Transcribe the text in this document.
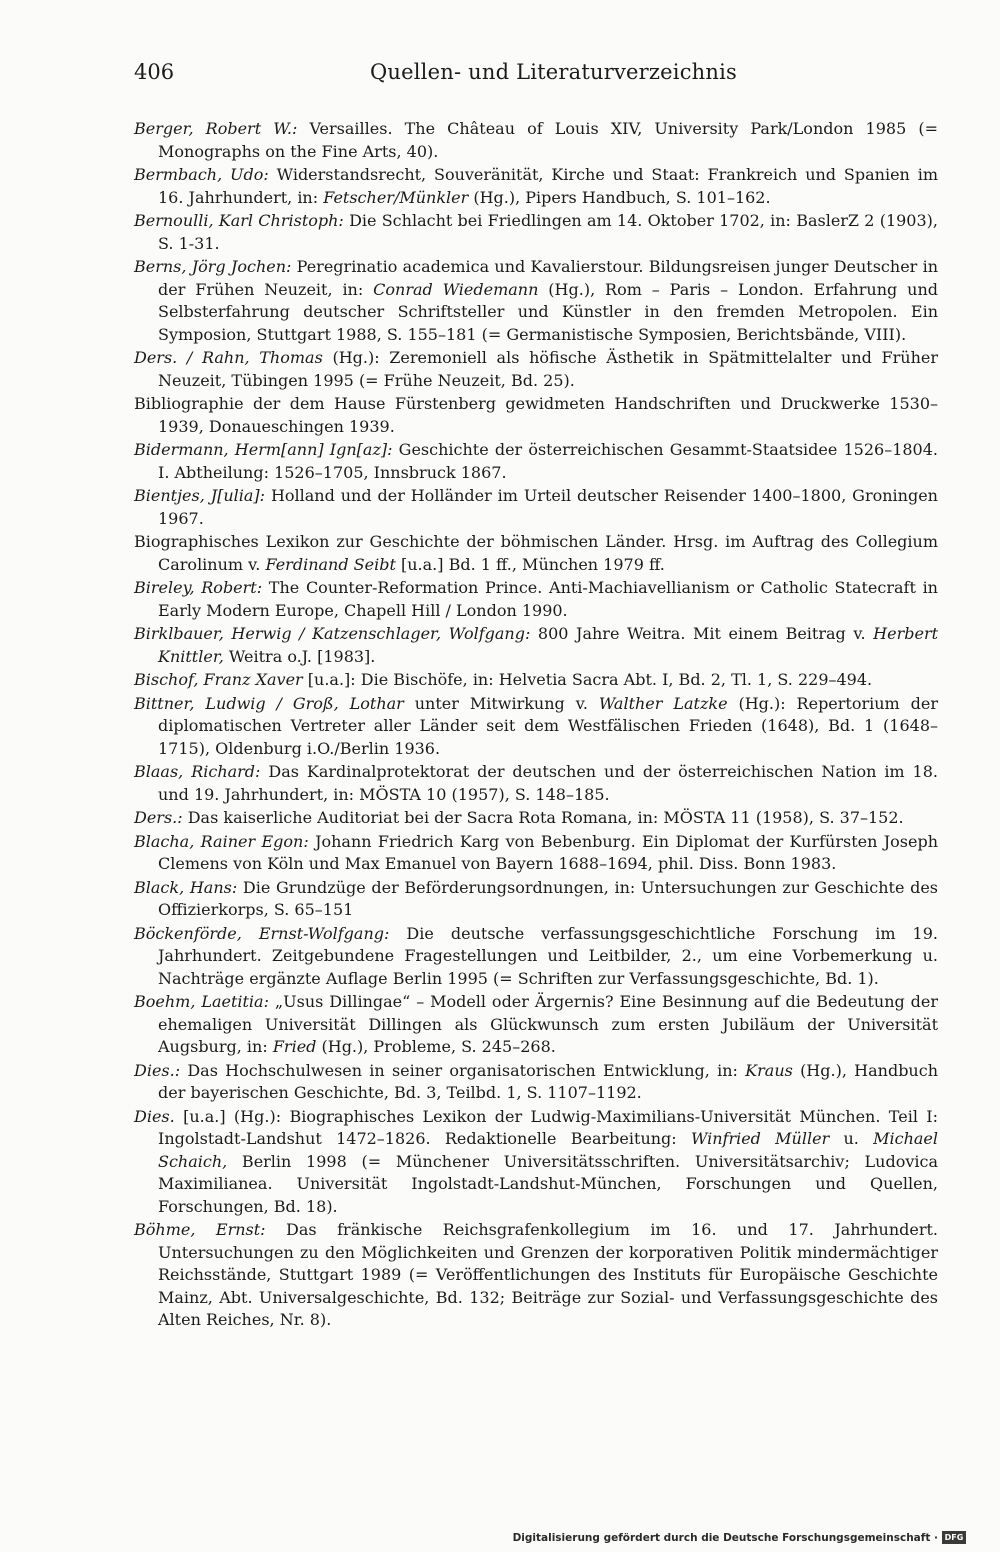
406	Quellen- und Literaturverzeichnis

Berger, Robert W.: Versailles. The Château of Louis XIV, University Park/London 1985 (= Monographs on the Fine Arts, 40).

Bermbach, Udo: Widerstandsrecht, Souveränität, Kirche und Staat: Frankreich und Spanien im 16. Jahrhundert, in: Fetscher/Münkler (Hg.), Pipers Handbuch, S. 101–162.

Bernoulli, Karl Christoph: Die Schlacht bei Friedlingen am 14. Oktober 1702, in: BaslerZ 2 (1903), S. 1-31.

Berns, Jörg Jochen: Peregrinatio academica und Kavalierstour. Bildungsreisen junger Deutscher in der Frühen Neuzeit, in: Conrad Wiedemann (Hg.), Rom – Paris – London. Erfahrung und Selbsterfahrung deutscher Schriftsteller und Künstler in den fremden Metropolen. Ein Symposion, Stuttgart 1988, S. 155–181 (= Germanistische Symposien, Berichtsbände, VIII).

Ders. / Rahn, Thomas (Hg.): Zeremoniell als höfische Ästhetik in Spätmittelalter und Früher Neuzeit, Tübingen 1995 (= Frühe Neuzeit, Bd. 25).

Bibliographie der dem Hause Fürstenberg gewidmeten Handschriften und Druckwerke 1530–1939, Donaueschingen 1939.

Bidermann, Herm[ann] Ign[az]: Geschichte der österreichischen Gesammt-Staatsidee 1526–1804. I. Abtheilung: 1526–1705, Innsbruck 1867.

Bientjes, J[ulia]: Holland und der Holländer im Urteil deutscher Reisender 1400–1800, Groningen 1967.

Biographisches Lexikon zur Geschichte der böhmischen Länder. Hrsg. im Auftrag des Collegium Carolinum v. Ferdinand Seibt [u.a.] Bd. 1 ff., München 1979 ff.

Bireley, Robert: The Counter-Reformation Prince. Anti-Machiavellianism or Catholic Statecraft in Early Modern Europe, Chapell Hill / London 1990.

Birklbauer, Herwig / Katzenschlager, Wolfgang: 800 Jahre Weitra. Mit einem Beitrag v. Herbert Knittler, Weitra o.J. [1983].

Bischof, Franz Xaver [u.a.]: Die Bischöfe, in: Helvetia Sacra Abt. I, Bd. 2, Tl. 1, S. 229–494.

Bittner, Ludwig / Groß, Lothar unter Mitwirkung v. Walther Latzke (Hg.): Repertorium der diplomatischen Vertreter aller Länder seit dem Westfälischen Frieden (1648), Bd. 1 (1648–1715), Oldenburg i.O./Berlin 1936.

Blaas, Richard: Das Kardinalprotektorat der deutschen und der österreichischen Nation im 18. und 19. Jahrhundert, in: MÖSTA 10 (1957), S. 148–185.

Ders.: Das kaiserliche Auditoriat bei der Sacra Rota Romana, in: MÖSTA 11 (1958), S. 37–152.

Blacha, Rainer Egon: Johann Friedrich Karg von Bebenburg. Ein Diplomat der Kurfürsten Joseph Clemens von Köln und Max Emanuel von Bayern 1688–1694, phil. Diss. Bonn 1983.

Black, Hans: Die Grundzüge der Beförderungsordnungen, in: Untersuchungen zur Geschichte des Offizierkorps, S. 65–151

Böckenförde, Ernst-Wolfgang: Die deutsche verfassungsgeschichtliche Forschung im 19. Jahrhundert. Zeitgebundene Fragestellungen und Leitbilder, 2., um eine Vorbemerkung u. Nachträge ergänzte Auflage Berlin 1995 (= Schriften zur Verfassungsgeschichte, Bd. 1).

Boehm, Laetitia: „Usus Dillingae“ – Modell oder Ärgernis? Eine Besinnung auf die Bedeutung der ehemaligen Universität Dillingen als Glückwunsch zum ersten Jubiläum der Universität Augsburg, in: Fried (Hg.), Probleme, S. 245–268.

Dies.: Das Hochschulwesen in seiner organisatorischen Entwicklung, in: Kraus (Hg.), Handbuch der bayerischen Geschichte, Bd. 3, Teilbd. 1, S. 1107–1192.

Dies. [u.a.] (Hg.): Biographisches Lexikon der Ludwig-Maximilians-Universität München. Teil I: Ingolstadt-Landshut 1472–1826. Redaktionelle Bearbeitung: Winfried Müller u. Michael Schaich, Berlin 1998 (= Münchener Universitätsschriften. Universitätsarchiv; Ludovica Maximilianea. Universität Ingolstadt-Landshut-München, Forschungen und Quellen, Forschungen, Bd. 18).

Böhme, Ernst: Das fränkische Reichsgrafenkollegium im 16. und 17. Jahrhundert. Untersuchungen zu den Möglichkeiten und Grenzen der korporativen Politik mindermächtiger Reichsstände, Stuttgart 1989 (= Veröffentlichungen des Instituts für Europäische Geschichte Mainz, Abt. Universalgeschichte, Bd. 132; Beiträge zur Sozial- und Verfassungsgeschichte des Alten Reiches, Nr. 8).

Digitalisierung gefördert durch die Deutsche Forschungsgemeinschaft · DFG
